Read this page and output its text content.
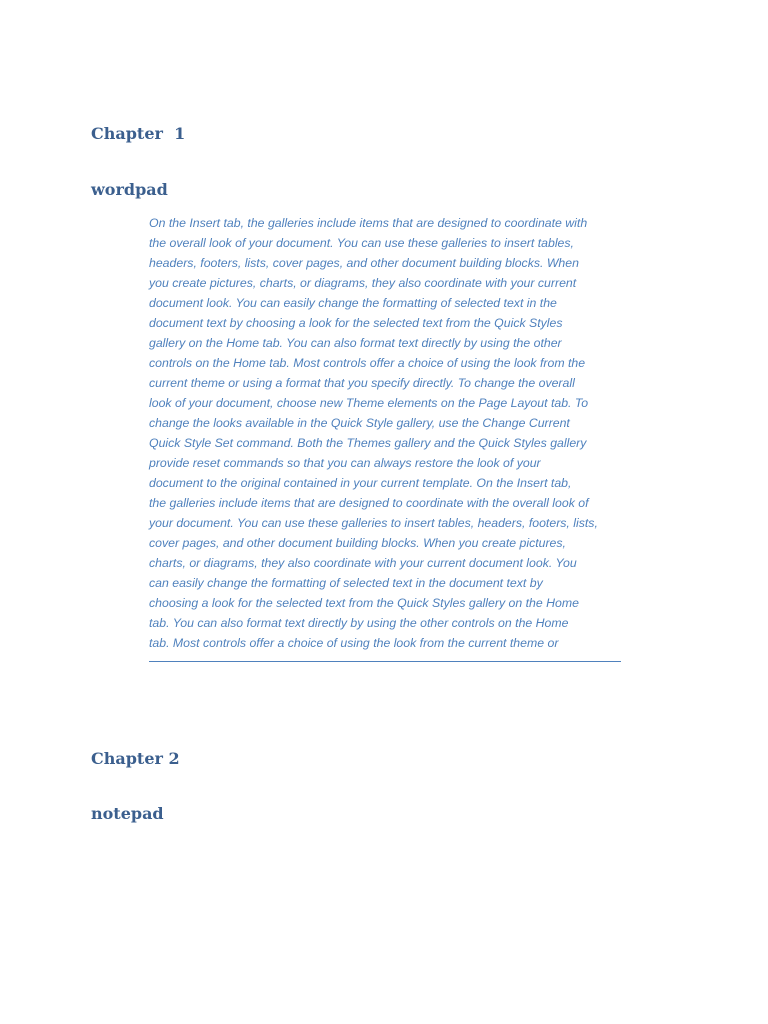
Chapter  1
wordpad
On the Insert tab, the galleries include items that are designed to coordinate with
the overall look of your document. You can use these galleries to insert tables,
headers, footers, lists, cover pages, and other document building blocks. When
you create pictures, charts, or diagrams, they also coordinate with your current
document look. You can easily change the formatting of selected text in the
document text by choosing a look for the selected text from the Quick Styles
gallery on the Home tab. You can also format text directly by using the other
controls on the Home tab. Most controls offer a choice of using the look from the
current theme or using a format that you specify directly. To change the overall
look of your document, choose new Theme elements on the Page Layout tab. To
change the looks available in the Quick Style gallery, use the Change Current
Quick Style Set command. Both the Themes gallery and the Quick Styles gallery
provide reset commands so that you can always restore the look of your
document to the original contained in your current template. On the Insert tab,
the galleries include items that are designed to coordinate with the overall look of
your document. You can use these galleries to insert tables, headers, footers, lists,
cover pages, and other document building blocks. When you create pictures,
charts, or diagrams, they also coordinate with your current document look. You
can easily change the formatting of selected text in the document text by
choosing a look for the selected text from the Quick Styles gallery on the Home
tab. You can also format text directly by using the other controls on the Home
tab. Most controls offer a choice of using the look from the current theme or
Chapter 2
notepad
